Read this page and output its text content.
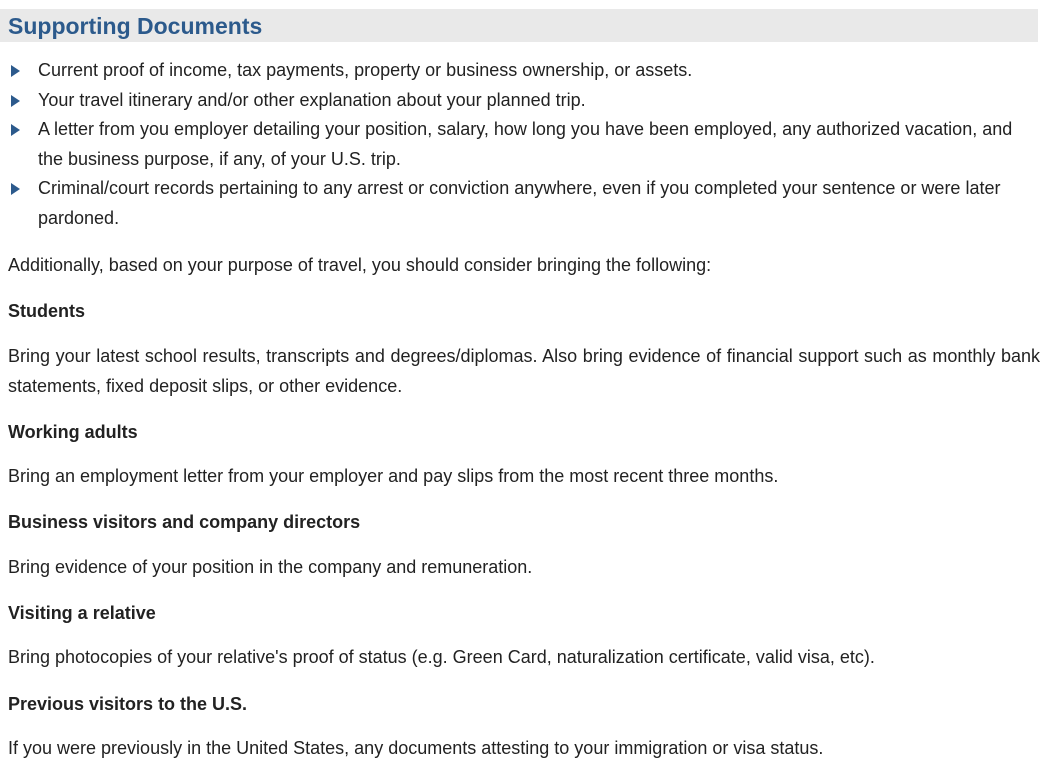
Supporting Documents
Current proof of income, tax payments, property or business ownership, or assets.
Your travel itinerary and/or other explanation about your planned trip.
A letter from you employer detailing your position, salary, how long you have been employed, any authorized vacation, and the business purpose, if any, of your U.S. trip.
Criminal/court records pertaining to any arrest or conviction anywhere, even if you completed your sentence or were later pardoned.

Additionally, based on your purpose of travel, you should consider bringing the following:

Students

Bring your latest school results, transcripts and degrees/diplomas. Also bring evidence of financial support such as monthly bank statements, fixed deposit slips, or other evidence.

Working adults

Bring an employment letter from your employer and pay slips from the most recent three months.

Business visitors and company directors

Bring evidence of your position in the company and remuneration.

Visiting a relative

Bring photocopies of your relative's proof of status (e.g. Green Card, naturalization certificate, valid visa, etc).

Previous visitors to the U.S.

If you were previously in the United States, any documents attesting to your immigration or visa status.
